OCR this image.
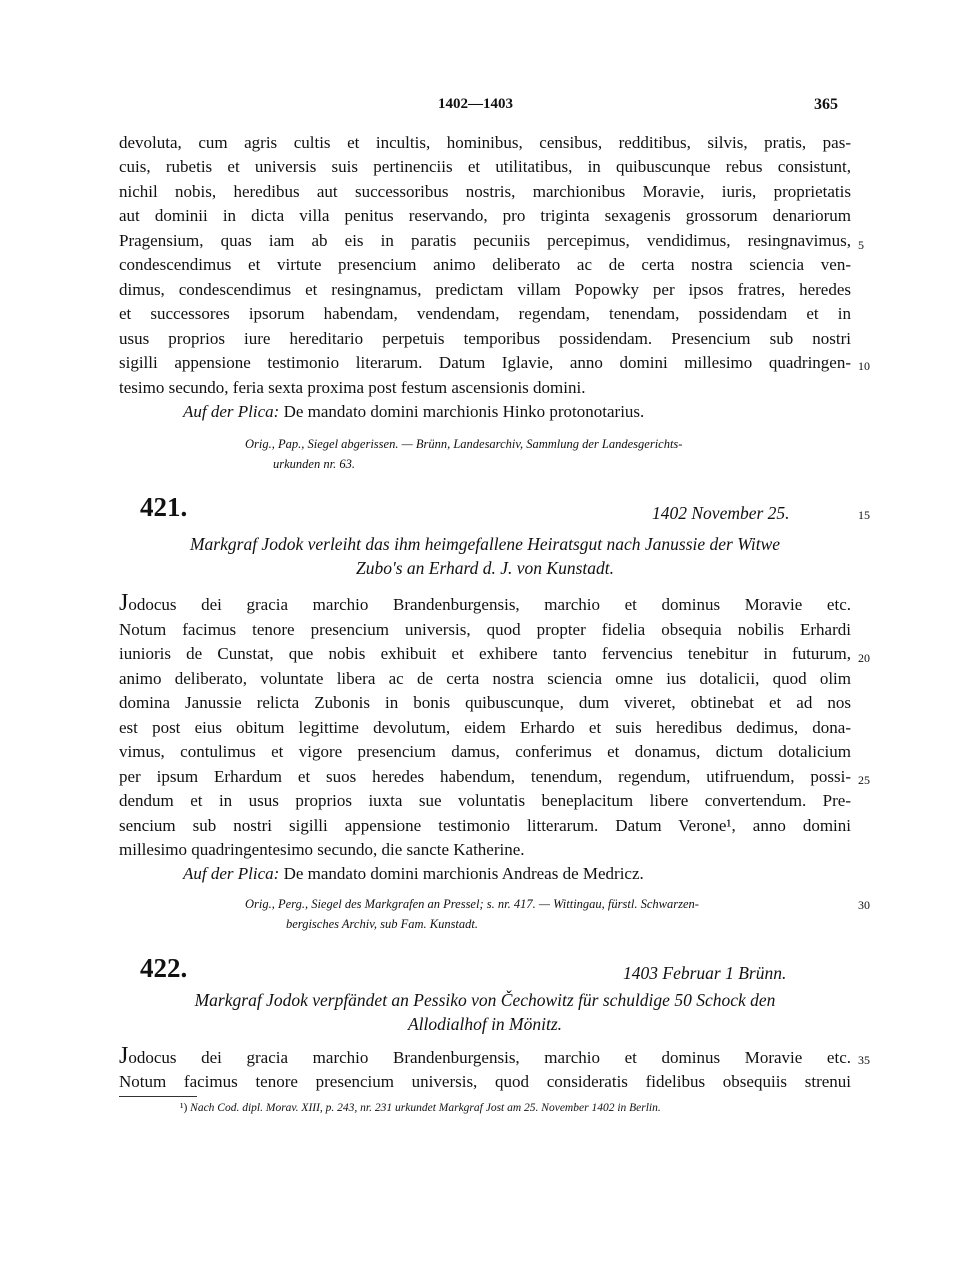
1402—1403	365
devoluta, cum agris cultis et incultis, hominibus, censibus, redditibus, silvis, pratis, pas-
cuis, rubetis et universis suis pertinenciis et utilitatibus, in quibuscunque rebus consistunt,
nichil nobis, heredibus aut successoribus nostris, marchionibus Moravie, iuris, proprietatis
aut dominii in dicta villa penitus reservando, pro triginta sexagenis grossorum denariorum
Pragensium, quas iam ab eis in paratis pecuniis percepimus, vendidimus, resingnavimus,
condescendimus et virtute presencium animo deliberato ac de certa nostra sciencia ven-
dimus, condescendimus et resingnamus, predictam villam Popowky per ipsos fratres, heredes
et successores ipsorum habendam, vendendam, regendam, tenendam, possidendam et in
usus proprios iure hereditario perpetuis temporibus possidendam. Presencium sub nostri
sigilli appensione testimonio literarum. Datum Iglavie, anno domini millesimo quadringen-
tesimo secundo, feria sexta proxima post festum ascensionis domini.
Auf der Plica: De mandato domini marchionis Hinko protonotarius.
Orig., Pap., Siegel abgerissen. — Brünn, Landesarchiv, Sammlung der Landesgerichts-
urkunden nr. 63.
421.	1402 November 25.
Markgraf Jodok verleiht das ihm heimgefallene Heiratsgut nach Janussie der Witwe
Zubo's an Erhard d. J. von Kunstadt.
Jodocus dei gracia marchio Brandenburgensis, marchio et dominus Moravie etc.
Notum facimus tenore presencium universis, quod propter fidelia obsequia nobilis Erhardi
iunioris de Cunstat, que nobis exhibuit et exhibere tanto fervencius tenebitur in futurum,
animo deliberato, voluntate libera ac de certa nostra sciencia omne ius dotalicii, quod olim
domina Janussie relicta Zubonis in bonis quibuscunque, dum viveret, obtinebat et ad nos
est post eius obitum legittime devolutum, eidem Erhardo et suis heredibus dedimus, dona-
vimus, contulimus et vigore presencium damus, conferimus et donamus, dictum dotalicium
per ipsum Erhardum et suos heredes habendum, tenendum, regendum, utifruendum, possi-
dendum et in usus proprios iuxta sue voluntatis beneplacitum libere convertendum. Pre-
sencium sub nostri sigilli appensione testimonio litterarum. Datum Verone¹, anno domini
millesimo quadringentesimo secundo, die sancte Katherine.
Auf der Plica: De mandato domini marchionis Andreas de Medricz.
Orig., Perg., Siegel des Markgrafen an Pressel; s. nr. 417. — Wittingau, fürstl. Schwarzen-
bergisches Archiv, sub Fam. Kunstadt.
422.	1403 Februar 1 Brünn.
Markgraf Jodok verpfändet an Pessiko von Čechowitz für schuldige 50 Schock den
Allodialhof in Mönitz.
Jodocus dei gracia marchio Brandenburgensis, marchio et dominus Moravie etc.
Notum facimus tenore presencium universis, quod consideratis fidelibus obsequiis strenui
¹) Nach Cod. dipl. Morav. XIII, p. 243, nr. 231 urkundet Markgraf Jost am 25. November 1402 in Berlin.
5
10
15
20
25
30
35
